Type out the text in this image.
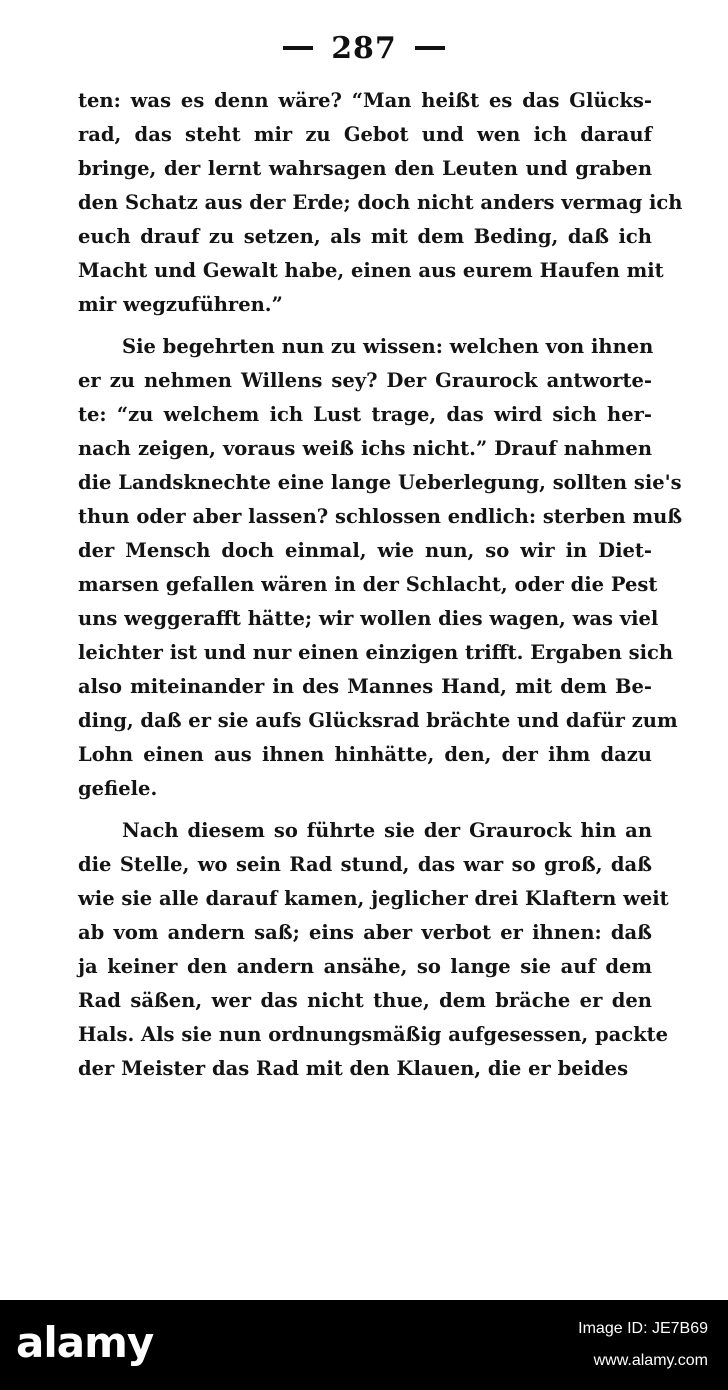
287
ten: was es denn wäre? “Man heißt es das Glücks-
rad, das steht mir zu Gebot und wen ich darauf
bringe, der lernt wahrsagen den Leuten und graben
den Schatz aus der Erde; doch nicht anders vermag ich
euch drauf zu setzen, als mit dem Beding, daß ich
Macht und Gewalt habe, einen aus eurem Haufen mit
mir wegzuführen.”
Sie begehrten nun zu wissen: welchen von ihnen
er zu nehmen Willens sey? Der Graurock antworte-
te: “zu welchem ich Lust trage, das wird sich her-
nach zeigen, voraus weiß ichs nicht.” Drauf nahmen
die Landsknechte eine lange Ueberlegung, sollten sie's
thun oder aber lassen? schlossen endlich: sterben muß
der Mensch doch einmal, wie nun, so wir in Diet-
marsen gefallen wären in der Schlacht, oder die Pest
uns weggerafft hätte; wir wollen dies wagen, was viel
leichter ist und nur einen einzigen trifft. Ergaben sich
also miteinander in des Mannes Hand, mit dem Be-
ding, daß er sie aufs Glücksrad brächte und dafür zum
Lohn einen aus ihnen hinhätte, den, der ihm dazu
gefiele.
Nach diesem so führte sie der Graurock hin an
die Stelle, wo sein Rad stund, das war so groß, daß
wie sie alle darauf kamen, jeglicher drei Klaftern weit
ab vom andern saß; eins aber verbot er ihnen: daß
ja keiner den andern ansähe, so lange sie auf dem
Rad säßen, wer das nicht thue, dem bräche er den
Hals. Als sie nun ordnungsmäßig aufgesessen, packte
der Meister das Rad mit den Klauen, die er beides
alamy	Image ID: JE7B69
www.alamy.com
